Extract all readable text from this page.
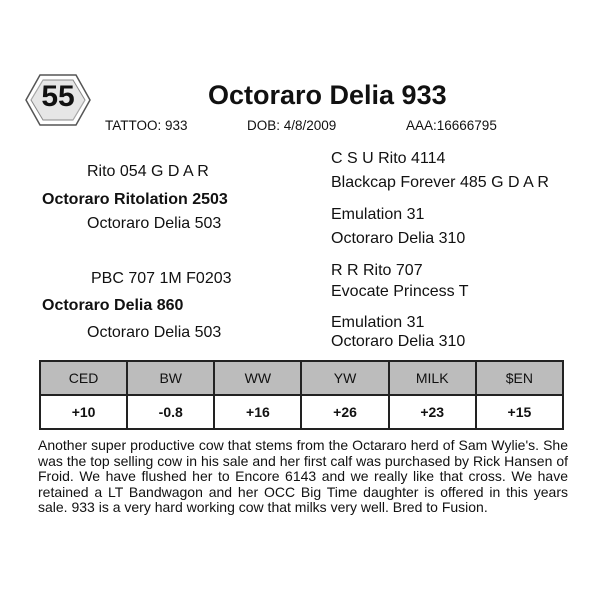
55	Octoraro Delia 933
TATTOO: 933	DOB: 4/8/2009	AAA:16666795
Rito 054 G D A R
Octoraro Ritolation 2503
Octoraro Delia 503
C S U Rito 4114
Blackcap Forever 485 G D A R
Emulation 31
Octoraro Delia 310
PBC 707 1M F0203
Octoraro Delia 860
Octoraro Delia 503
R R Rito 707
Evocate Princess T
Emulation 31
Octoraro Delia 310
CED	BW	WW	YW	MILK	$EN
+10	-0.8	+16	+26	+23	+15
Another super productive cow that stems from the Octararo herd of Sam Wylie's. She was the top selling cow in his sale and her first calf was purchased by Rick Hansen of Froid. We have flushed her to Encore 6143 and we really like that cross. We have retained a LT Bandwagon and her OCC Big Time daughter is offered in this years sale. 933 is a very hard working cow that milks very well. Bred to Fusion.
